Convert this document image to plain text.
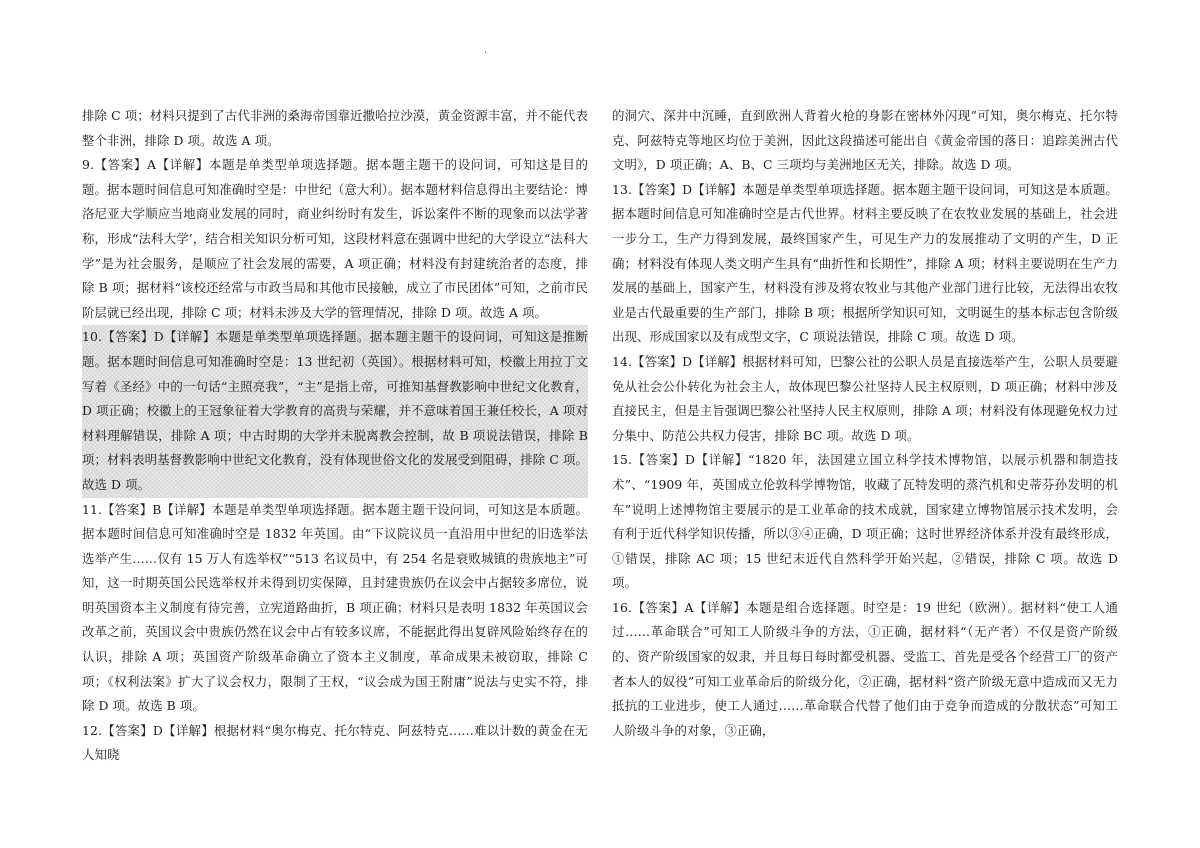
·

排除 C 项；材料只提到了古代非洲的桑海帝国靠近撒哈拉沙漠，黄金资源丰富，并不能代表整个非洲，排除 D 项。故选 A 项。

9.【答案】A【详解】本题是单类型单项选择题。据本题主题干的设问词，可知这是目的题。据本题时间信息可知准确时空是：中世纪（意大利）。据本题材料信息得出主要结论：博洛尼亚大学顺应当地商业发展的同时，商业纠纷时有发生，诉讼案件不断的现象而以法学著称，形成“法科大学’，结合相关知识分析可知，这段材料意在强调中世纪的大学设立“法科大学”是为社会服务，是顺应了社会发展的需要，A 项正确；材料没有封建统治者的态度，排除 B 项；据材料“该校还经常与市政当局和其他市民接触，成立了市民团体”可知，之前市民阶层就已经出现，排除 C 项；材料未涉及大学的管理情况，排除 D 项。故选 A 项。

10.【答案】D【详解】本题是单类型单项选择题。据本题主题干的设问词，可知这是推断题。据本题时间信息可知准确时空是：13 世纪初（英国）。根据材料可知，校徽上用拉丁文写着《圣经》中的一句话“主照亮我”，“主”是指上帝，可推知基督教影响中世纪文化教育，D 项正确；校徽上的王冠象征着大学教育的高贵与荣耀，并不意味着国王兼任校长，A 项对材料理解错误，排除 A 项；中古时期的大学并未脱离教会控制，故 B 项说法错误，排除 B 项；材料表明基督教影响中世纪文化教育，没有体现世俗文化的发展受到阻碍，排除 C 项。故选 D 项。

11.【答案】B【详解】本题是单类型单项选择题。据本题主题干设问词，可知这是本质题。据本题时间信息可知准确时空是 1832 年英国。由“下议院议员一直沿用中世纪的旧选举法选举产生……仅有 15 万人有选举权”“513 名议员中，有 254 名是衰败城镇的贵族地主”可知，这一时期英国公民选举权并未得到切实保障，且封建贵族仍在议会中占据较多席位，说明英国资本主义制度有待完善，立宪道路曲折，B 项正确；材料只是表明 1832 年英国议会改革之前，英国议会中贵族仍然在议会中占有较多议席，不能据此得出复辟风险始终存在的认识，排除 A 项；英国资产阶级革命确立了资本主义制度，革命成果未被窃取，排除 C 项；《权利法案》扩大了议会权力，限制了王权，“议会成为国王附庸”说法与史实不符，排除 D 项。故选 B 项。

12.【答案】D【详解】根据材料“奥尔梅克、托尔特克、阿兹特克……难以计数的黄金在无人知晓

的洞穴、深井中沉睡，直到欧洲人背着火枪的身影在密林外闪现”可知，奥尔梅克、托尔特克、阿兹特克等地区均位于美洲，因此这段描述可能出自《黄金帝国的落日：追踪美洲古代文明》，D 项正确；A、B、C 三项均与美洲地区无关，排除。故选 D 项。

13.【答案】D【详解】本题是单类型单项选择题。据本题主题干设问词，可知这是本质题。据本题时间信息可知准确时空是古代世界。材料主要反映了在农牧业发展的基础上，社会进一步分工，生产力得到发展，最终国家产生，可见生产力的发展推动了文明的产生，D 正确；材料没有体现人类文明产生具有“曲折性和长期性”，排除 A 项；材料主要说明在生产力发展的基础上，国家产生，材料没有涉及将农牧业与其他产业部门进行比较，无法得出农牧业是古代最重要的生产部门，排除 B 项；根据所学知识可知，文明诞生的基本标志包含阶级出现、形成国家以及有成型文字，C 项说法错误，排除 C 项。故选 D 项。

14.【答案】D【详解】根据材料可知，巴黎公社的公职人员是直接选举产生，公职人员要避免从社会公仆转化为社会主人，故体现巴黎公社坚持人民主权原则，D 项正确；材料中涉及直接民主，但是主旨强调巴黎公社坚持人民主权原则，排除 A 项；材料没有体现避免权力过分集中、防范公共权力侵害，排除 BC 项。故选 D 项。

15.【答案】D【详解】“1820 年，法国建立国立科学技术博物馆，以展示机器和制造技术”、“1909 年，英国成立伦敦科学博物馆，收藏了瓦特发明的蒸汽机和史蒂芬孙发明的机车”说明上述博物馆主要展示的是工业革命的技术成就，国家建立博物馆展示技术发明，会有利于近代科学知识传播，所以③④正确，D 项正确；这时世界经济体系并没有最终形成，①错误，排除 AC 项；15 世纪末近代自然科学开始兴起，②错误，排除 C 项。故选 D 项。

16.【答案】A【详解】本题是组合选择题。时空是：19 世纪（欧洲）。据材料“使工人通过……革命联合”可知工人阶级斗争的方法，①正确，据材料“（无产者）不仅是资产阶级的、资产阶级国家的奴隶，并且每日每时都受机器、受监工、首先是受各个经营工厂的资产者本人的奴役”可知工业革命后的阶级分化，②正确，据材料“资产阶级无意中造成而又无力抵抗的工业进步，使工人通过……革命联合代替了他们由于竞争而造成的分散状态”可知工人阶级斗争的对象，③正确，
